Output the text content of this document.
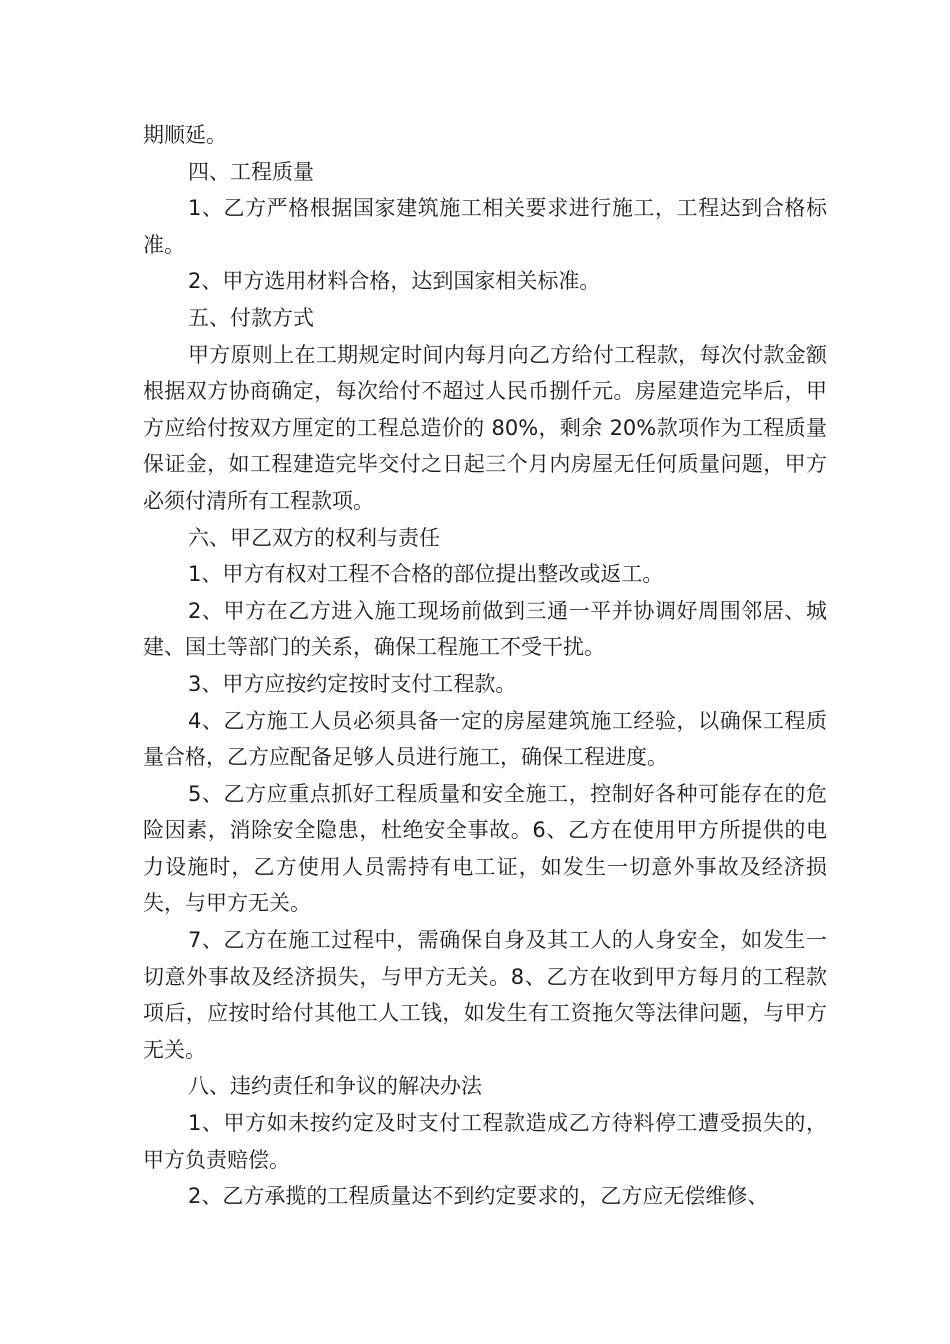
期顺延。

四、工程质量

1、乙方严格根据国家建筑施工相关要求进行施工，工程达到合格标准。

2、甲方选用材料合格，达到国家相关标准。

五、付款方式

甲方原则上在工期规定时间内每月向乙方给付工程款，每次付款金额根据双方协商确定，每次给付不超过人民币捌仟元。房屋建造完毕后，甲方应给付按双方厘定的工程总造价的 80%，剩余 20%款项作为工程质量保证金，如工程建造完毕交付之日起三个月内房屋无任何质量问题，甲方必须付清所有工程款项。

六、甲乙双方的权利与责任

1、甲方有权对工程不合格的部位提出整改或返工。

2、甲方在乙方进入施工现场前做到三通一平并协调好周围邻居、城建、国土等部门的关系，确保工程施工不受干扰。

3、甲方应按约定按时支付工程款。

4、乙方施工人员必须具备一定的房屋建筑施工经验，以确保工程质量合格，乙方应配备足够人员进行施工，确保工程进度。

5、乙方应重点抓好工程质量和安全施工，控制好各种可能存在的危险因素，消除安全隐患，杜绝安全事故。6、乙方在使用甲方所提供的电力设施时，乙方使用人员需持有电工证，如发生一切意外事故及经济损失，与甲方无关。

7、乙方在施工过程中，需确保自身及其工人的人身安全，如发生一切意外事故及经济损失，与甲方无关。8、乙方在收到甲方每月的工程款项后，应按时给付其他工人工钱，如发生有工资拖欠等法律问题，与甲方无关。

八、违约责任和争议的解决办法

1、甲方如未按约定及时支付工程款造成乙方待料停工遭受损失的，甲方负责赔偿。

2、乙方承揽的工程质量达不到约定要求的，乙方应无偿维修、
